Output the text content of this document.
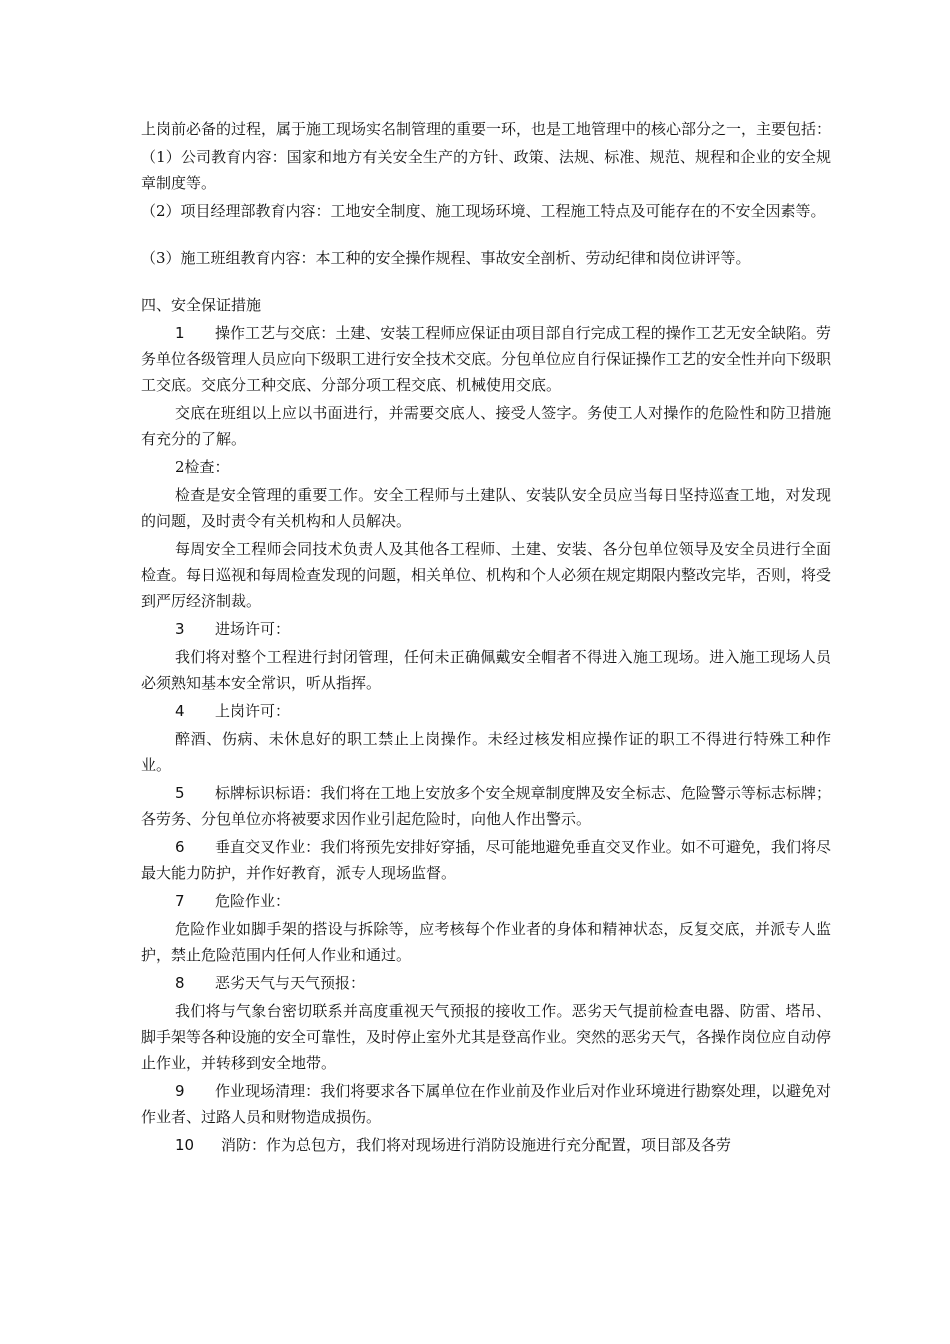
上岗前必备的过程，属于施工现场实名制管理的重要一环，也是工地管理中的核心部分之一，主要包括：

（1）公司教育内容：国家和地方有关安全生产的方针、政策、法规、标准、规范、规程和企业的安全规章制度等。

（2）项目经理部教育内容：工地安全制度、施工现场环境、工程施工特点及可能存在的不安全因素等。

（3）施工班组教育内容：本工种的安全操作规程、事故安全剖析、劳动纪律和岗位讲评等。

四、安全保证措施

1 操作工艺与交底：土建、安装工程师应保证由项目部自行完成工程的操作工艺无安全缺陷。劳务单位各级管理人员应向下级职工进行安全技术交底。分包单位应自行保证操作工艺的安全性并向下级职工交底。交底分工种交底、分部分项工程交底、机械使用交底。

交底在班组以上应以书面进行，并需要交底人、接受人签字。务使工人对操作的危险性和防卫措施有充分的了解。

2检查：

检查是安全管理的重要工作。安全工程师与土建队、安装队安全员应当每日坚持巡查工地，对发现的问题，及时责令有关机构和人员解决。

每周安全工程师会同技术负责人及其他各工程师、土建、安装、各分包单位领导及安全员进行全面检查。每日巡视和每周检查发现的问题，相关单位、机构和个人必须在规定期限内整改完毕，否则，将受到严厉经济制裁。

3 进场许可：

我们将对整个工程进行封闭管理，任何未正确佩戴安全帽者不得进入施工现场。进入施工现场人员必须熟知基本安全常识，听从指挥。

4 上岗许可：

醉酒、伤病、未休息好的职工禁止上岗操作。未经过核发相应操作证的职工不得进行特殊工种作业。

5 标牌标识标语：我们将在工地上安放多个安全规章制度牌及安全标志、危险警示等标志标牌；各劳务、分包单位亦将被要求因作业引起危险时，向他人作出警示。

6 垂直交叉作业：我们将预先安排好穿插，尽可能地避免垂直交叉作业。如不可避免，我们将尽最大能力防护，并作好教育，派专人现场监督。

7 危险作业：

危险作业如脚手架的搭设与拆除等，应考核每个作业者的身体和精神状态，反复交底，并派专人监护，禁止危险范围内任何人作业和通过。

8 恶劣天气与天气预报：

我们将与气象台密切联系并高度重视天气预报的接收工作。恶劣天气提前检查电器、防雷、塔吊、脚手架等各种设施的安全可靠性，及时停止室外尤其是登高作业。突然的恶劣天气，各操作岗位应自动停止作业，并转移到安全地带。

9 作业现场清理：我们将要求各下属单位在作业前及作业后对作业环境进行勘察处理，以避免对作业者、过路人员和财物造成损伤。

10 消防：作为总包方，我们将对现场进行消防设施进行充分配置，项目部及各劳
